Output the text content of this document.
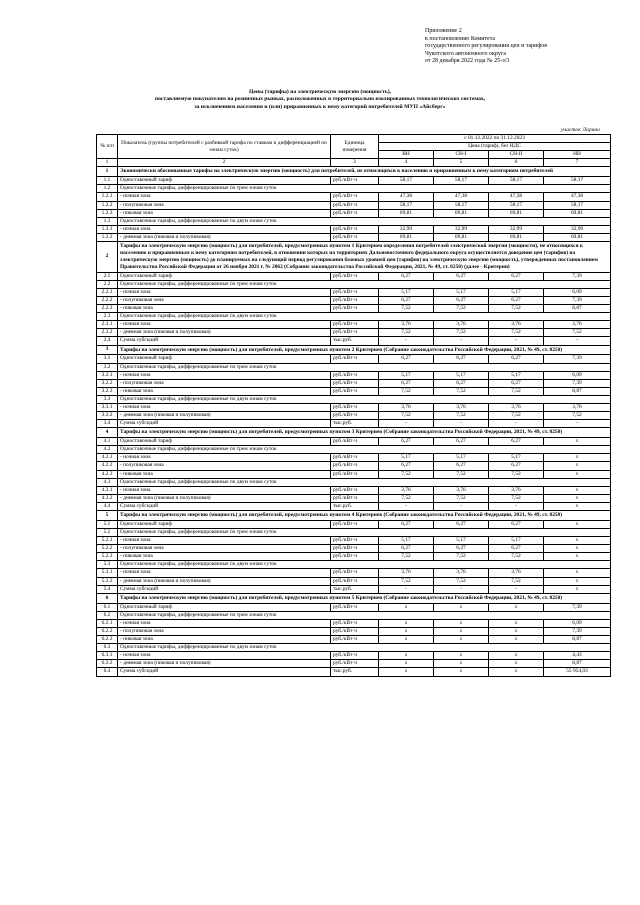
Приложение 2
к постановлению Комитета
государственного регулирования цен и тарифов
Чукотского автономного округа
от 28 декабря 2022 года № 25-э/3
Цены (тарифы) на электрическую энергию (мощность),
поставляемую покупателям на розничных рынках, расположенных в территориально изолированных технологических системах,
за исключением населения и (или) приравненных к нему категорий потребителей МУП «Айсберг»
участок Лорино
№ п/п	Показатель (группы потребителей с разбивкой тарифа по ставкам и дифференциацией по зонам суток)	Единица измерения	с 01.12.2022 по 31.12.2023			
			Цена (тариф), без НДС			
			ВН	СН-I	СН-II	НН
1	2	3	4	5	6	7
1	Экономически обоснованные тарифы на электрическую энергию (мощность) для потребителей, не относящихся к населению и приравненным к нему категориям потребителей					
1.1	Одноставочный тариф	руб./кВт·ч	58,17	58,17	58,17	58,17
1.2	Одноставочные тарифы, дифференцированные по трем зонам суток					
1.2.1	- ночная зона	руб./кВт·ч	47,38	47,38	47,38	47,38
1.2.2	- полупиковая зона	руб./кВт·ч	58,17	58,17	58,17	58,17
1.2.3	- пиковая зона	руб./кВт·ч	69,81	69,81	69,81	69,81
1.3	Одноставочные тарифы, дифференцированные по двум зонам суток					
1.3.1	- ночная зона	руб./кВт·ч	32,99	32,99	32,99	32,99
1.3.2	- дневная зона (пиковая и полупиковая)	руб./кВт·ч	69,81	69,81	69,81	69,81
2	Тарифы на электрическую энергию (мощность) для потребителей, предусмотренных пунктом 1 Критериев определения потребителей электрической энергии (мощности), не относящихся к населению и приравненным к нему категориям потребителей, в отношении которых на территориях Дальневосточного федерального округа осуществляется доведение цен (тарифов) на электрическую энергию (мощность) до планируемых на следующий период регулирования базовых уровней цен (тарифов) на электрическую энергию (мощность), утвержденных постановлением Правительства Российской Федерации от 26 ноября 2021 г. № 2062 (Собрание законодательства Российской Федерации, 2021, № 49, ст. 8250) (далее - Критерии)					
2.1	Одноставочный тариф	руб./кВт·ч	6,27	6,27	6,27	7,39
2.2	Одноставочные тарифы, дифференцированные по трем зонам суток					
2.2.1	- ночная зона	руб./кВт·ч	5,17	5,17	5,17	6,09
2.2.2	- полупиковая зона	руб./кВт·ч	6,27	6,27	6,27	7,39
2.2.3	- пиковая зона	руб./кВт·ч	7,52	7,52	7,52	8,87
2.3	Одноставочные тарифы, дифференцированные по двум зонам суток					
2.3.1	- ночная зона	руб./кВт·ч	3,76	3,76	3,76	3,76
2.3.2	- дневная зона (пиковая и полупиковая)	руб./кВт·ч	7,52	7,52	7,52	7,52
2.4	Сумма субсидий	тыс.руб.	-	-	-	-
3	Тарифы на электрическую энергию (мощность) для потребителей, предусмотренных пунктом 2 Критериев (Собрание законодательства Российской Федерации, 2021, № 49, ст. 8250)					
3.1	Одноставочный тариф	руб./кВт·ч	6,27	6,27	6,27	7,39
3.2	Одноставочные тарифы, дифференцированные по трем зонам суток					
3.2.1	- ночная зона	руб./кВт·ч	5,17	5,17	5,17	6,09
3.2.2	- полупиковая зона	руб./кВт·ч	6,27	6,27	6,27	7,39
3.2.3	- пиковая зона	руб./кВт·ч	7,52	7,52	7,52	8,87
3.3	Одноставочные тарифы, дифференцированные по двум зонам суток					
3.3.1	- ночная зона	руб./кВт·ч	3,76	3,76	3,76	3,76
3.3.2	- дневная зона (пиковая и полупиковая)	руб./кВт·ч	7,52	7,52	7,52	7,52
3.4	Сумма субсидий	тыс.руб.	-	-	-	-
4	Тарифы на электрическую энергию (мощность) для потребителей, предусмотренных пунктом 3 Критериев (Собрание законодательства Российской Федерации, 2021, № 49, ст. 8250)					
4.1	Одноставочный тариф	руб./кВт·ч	6,27	6,27	6,27	х
4.2	Одноставочные тарифы, дифференцированные по трем зонам суток					
4.2.1	- ночная зона	руб./кВт·ч	5,17	5,17	5,17	х
4.2.2	- полупиковая зона	руб./кВт·ч	6,27	6,27	6,27	х
4.2.3	- пиковая зона	руб./кВт·ч	7,52	7,52	7,52	х
4.3	Одноставочные тарифы, дифференцированные по двум зонам суток					
4.3.1	- ночная зона	руб./кВт·ч	3,76	3,76	3,76	х
4.3.2	- дневная зона (пиковая и полупиковая)	руб./кВт·ч	7,52	7,52	7,52	х
4.4	Сумма субсидий	тыс.руб.	-	-	-	х
5	Тарифы на электрическую энергию (мощность) для потребителей, предусмотренных пунктом 4 Критериев (Собрание законодательства Российской Федерации, 2021, № 49, ст. 8250)					
5.1	Одноставочный тариф	руб./кВт·ч	6,27	6,27	6,27	х
5.2	Одноставочные тарифы, дифференцированные по трем зонам суток					
5.2.1	- ночная зона	руб./кВт·ч	5,17	5,17	5,17	х
5.2.2	- полупиковая зона	руб./кВт·ч	6,27	6,27	6,27	х
5.2.3	- пиковая зона	руб./кВт·ч	7,52	7,52	7,52	х
5.3	Одноставочные тарифы, дифференцированные по двум зонам суток					
5.3.1	- ночная зона	руб./кВт·ч	3,76	3,76	3,76	х
5.3.2	- дневная зона (пиковая и полупиковая)	руб./кВт·ч	7,52	7,52	7,52	х
5.4	Сумма субсидий	тыс.руб.	-	-	-	х
6	Тарифы на электрическую энергию (мощность) для потребителей, предусмотренных пунктом 5 Критериев (Собрание законодательства Российской Федерации, 2021, № 49, ст. 8250)					
6.1	Одноставочный тариф	руб./кВт·ч	х	х	х	7,39
6.2	Одноставочные тарифы, дифференцированные по трем зонам суток					
6.2.1	- ночная зона	руб./кВт·ч	х	х	х	6,09
6.2.2	- полупиковая зона	руб./кВт·ч	х	х	х	7,39
6.2.3	- пиковая зона	руб./кВт·ч	х	х	х	8,87
6.3	Одноставочные тарифы, дифференцированные по двум зонам суток					
6.3.1	- ночная зона	руб./кВт·ч	х	х	х	4,43
6.3.2	- дневная зона (пиковая и полупиковая)	руб./кВт·ч	х	х	х	8,87
6.4	Сумма субсидий	тыс.руб.	х	х	х	55 954,03
